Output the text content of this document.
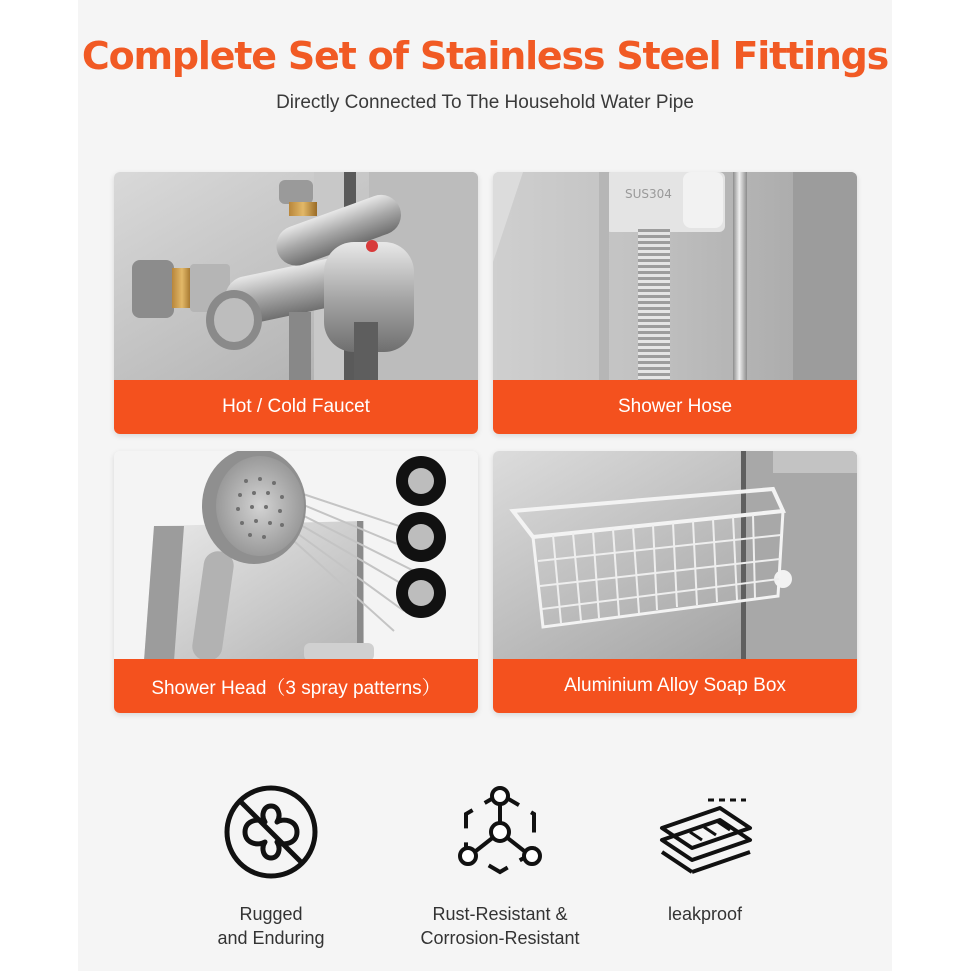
Complete Set of Stainless Steel Fittings
Directly Connected To The Household Water Pipe
Hot / Cold Faucet
SUS304
Shower Hose
Shower Head（3 spray patterns）	Aluminium Alloy Soap Box
Rugged
and Enduring
Rust-Resistant &
Corrosion-Resistant
leakproof
